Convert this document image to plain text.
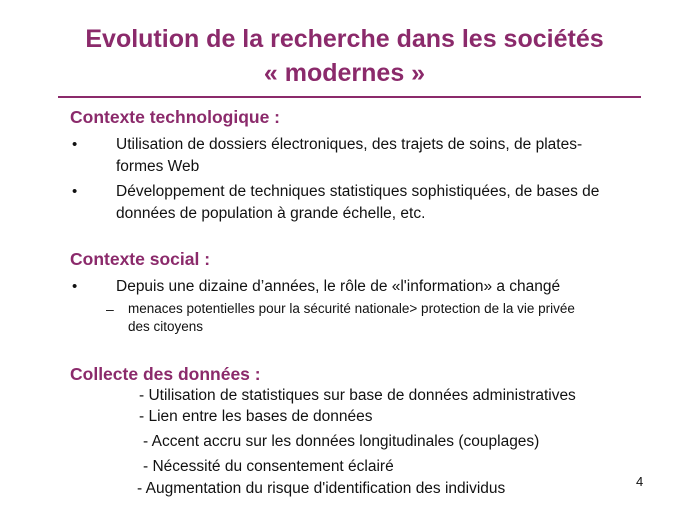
Evolution de la recherche dans les sociétés
« modernes »
Contexte technologique :
• Utilisation de dossiers électroniques, des trajets de soins, de plates-
formes Web
• Développement de techniques statistiques sophistiquées, de bases de
données de population à grande échelle, etc.
Contexte social :
• Depuis une dizaine d’années, le rôle de «l'information» a changé
– menaces potentielles pour la sécurité nationale> protection de la vie privée
des citoyens
Collecte des données :
- Utilisation de statistiques sur base de données administratives
- Lien entre les bases de données
- Accent accru sur les données longitudinales (couplages)
- Nécessité du consentement éclairé
- Augmentation du risque d'identification des individus	4
